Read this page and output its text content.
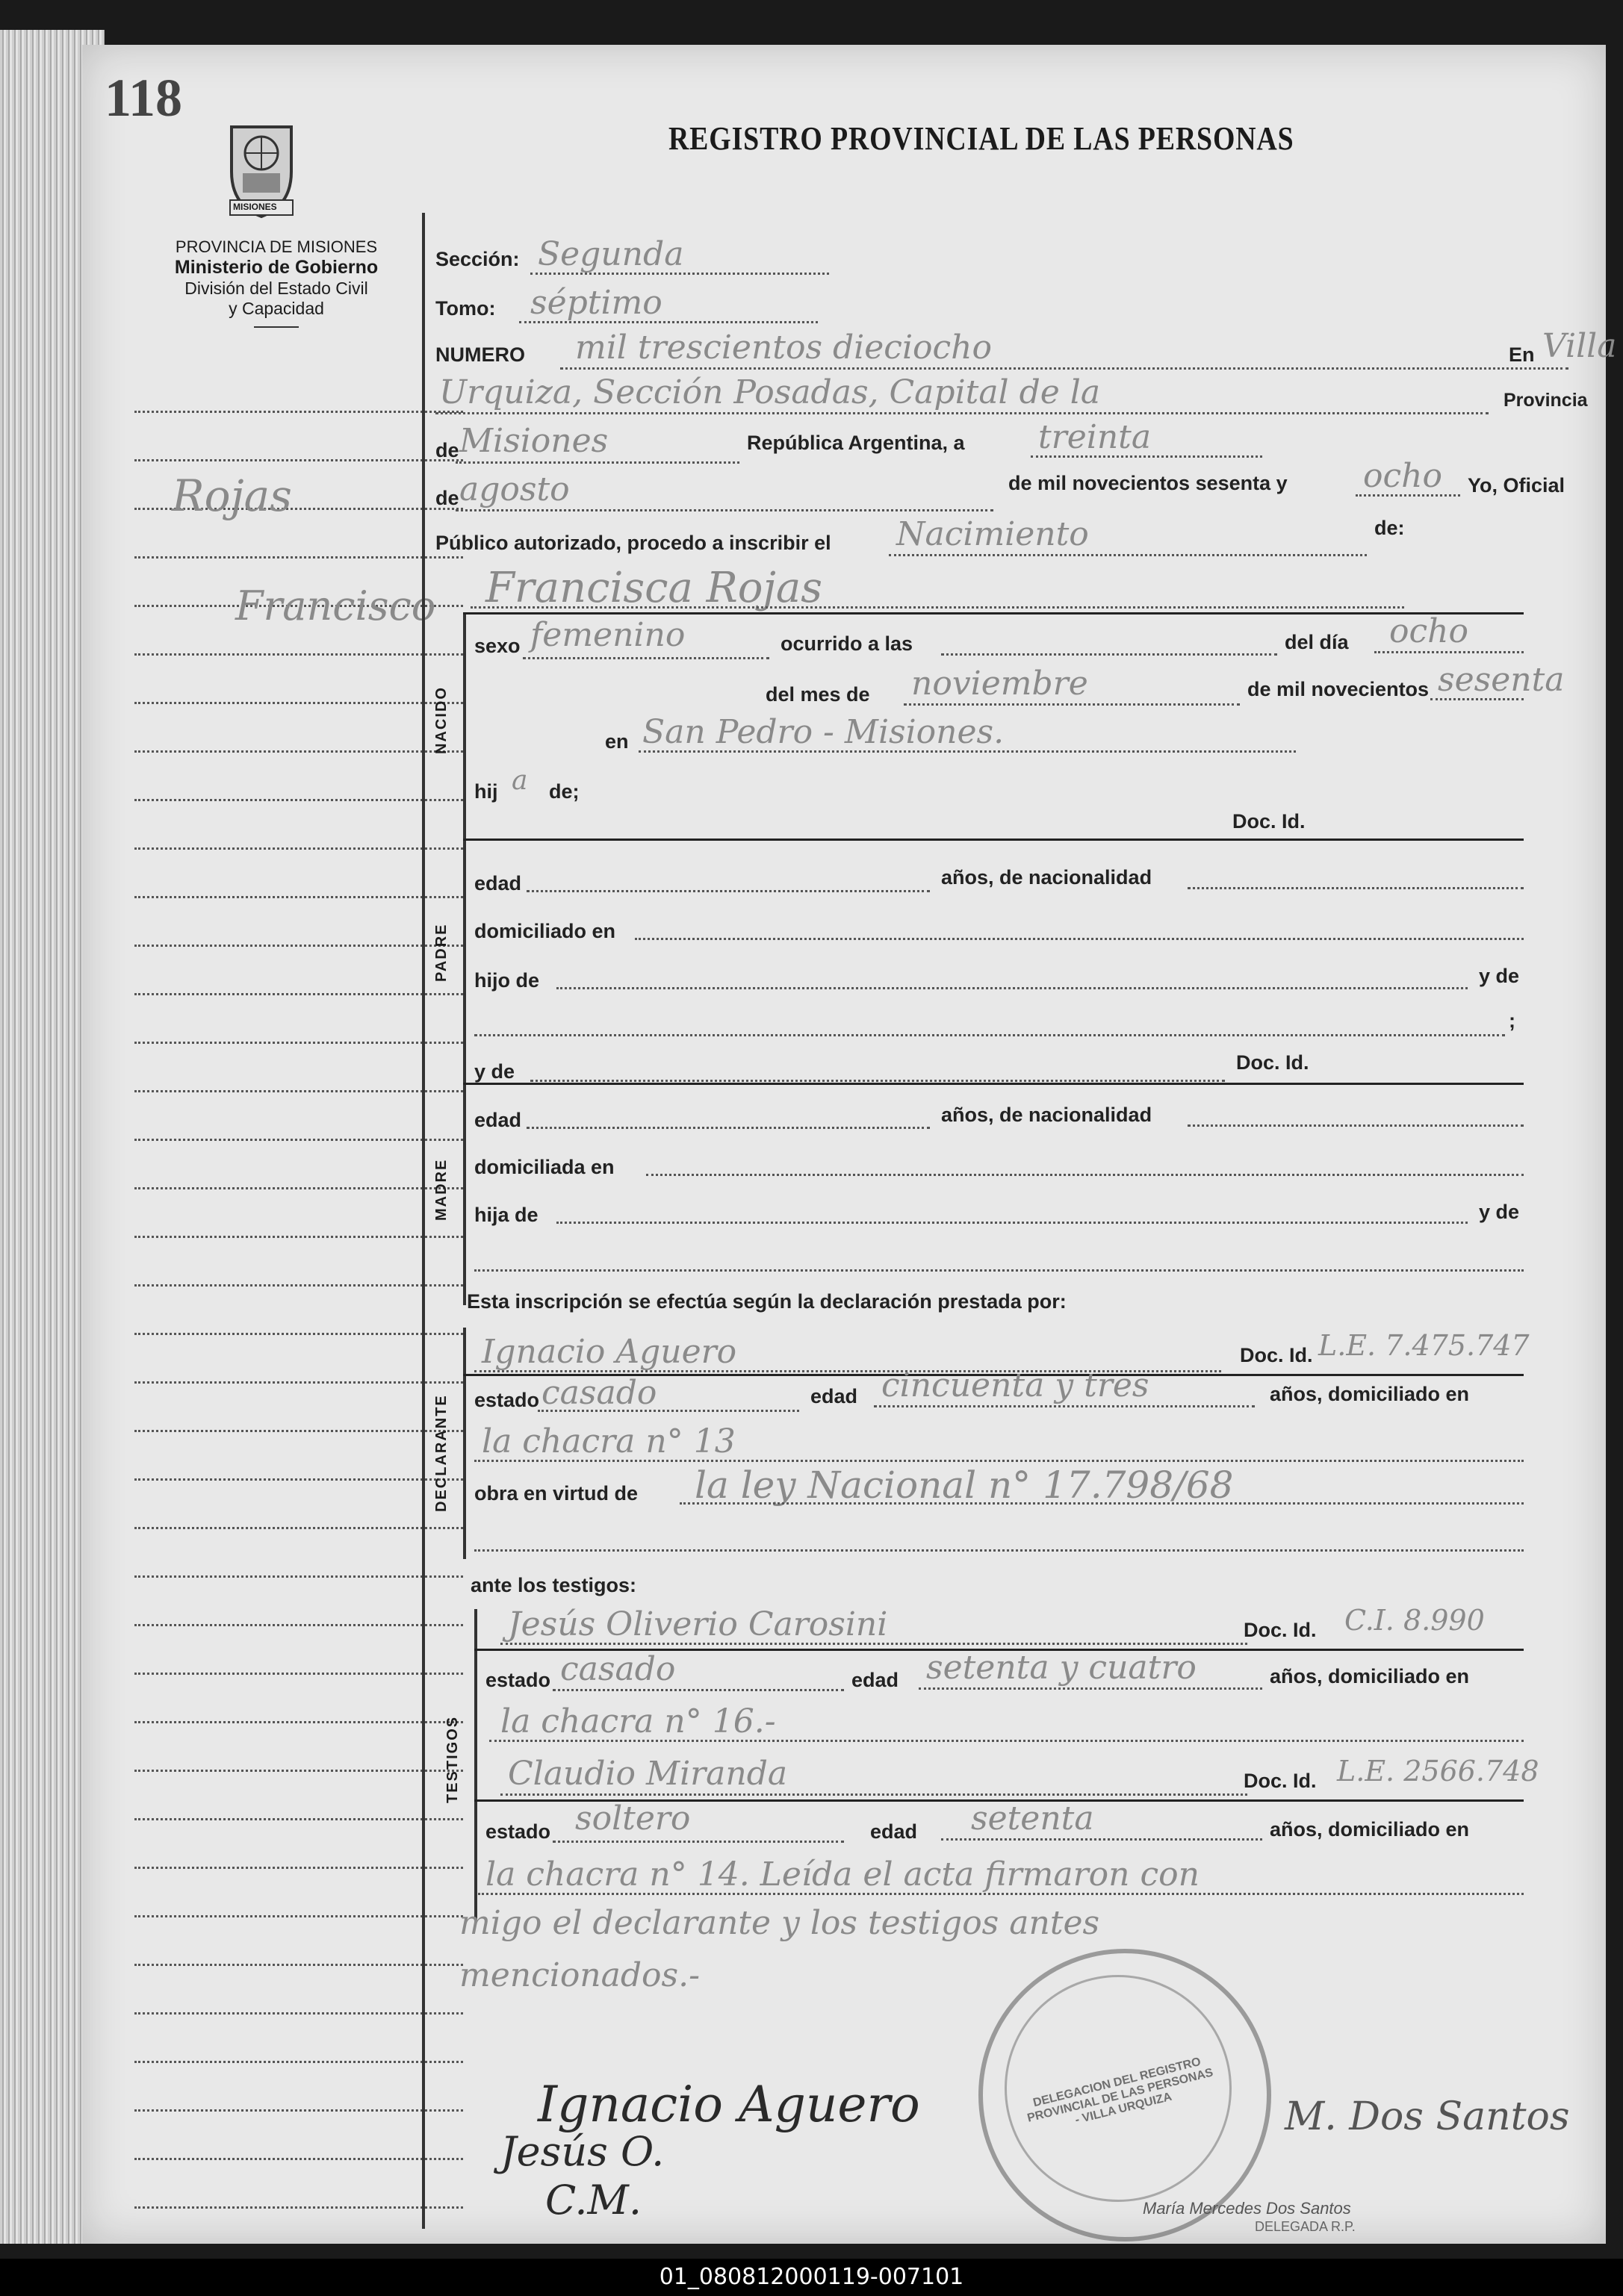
118
MISIONES
PROVINCIA DE MISIONES
Ministerio de Gobierno
División del Estado Civil
y Capacidad
REGISTRO PROVINCIAL DE LAS PERSONAS
Rojas
Francisco
Sección: Segunda
Tomo: séptimo
NUMERO mil trescientos dieciocho	En Villa
Urquiza, Sección Posadas, Capital de la	Provincia
de Misiones	República Argentina, a treinta
de agosto	de mil novecientos sesenta y ocho Yo, Oficial
Público autorizado, procedo a inscribir el Nacimiento	de:
Francisca Rojas
NACIDO
sexo femenino	ocurrido a las	del día ocho
del mes de noviembre	de mil novecientos sesenta
en San Pedro - Misiones.
hij a de;
Doc. Id.
PADRE
edad	años, de nacionalidad
domiciliado en
hijo de	y de
;
MADRE
y de	Doc. Id.
edad	años, de nacionalidad
domiciliada en
hija de	y de
Esta inscripción se efectúa según la declaración prestada por:
DECLARANTE
Ignacio Aguero	Doc. Id. L.E. 7.475.747
estado casado	edad cincuenta y tres	años, domiciliado en
la chacra n° 13
obra en virtud de la ley Nacional n° 17.798/68
ante los testigos:
TESTIGOS
Jesús Oliverio Carosini	Doc. Id. C.I. 8.990
estado casado	edad setenta y cuatro	años, domiciliado en
la chacra n° 16.-
Claudio Miranda	Doc. Id. L.E. 2566.748
estado soltero	edad setenta	años, domiciliado en
la chacra n° 14. Leída el acta firmaron con
migo el declarante y los testigos antes
mencionados.-
DELEGACION DEL REGISTRO PROVINCIAL DE LAS PERSONAS - VILLA URQUIZA
Ignacio Aguero
Jesús O.
C.M.
M. Dos Santos
María Mercedes Dos Santos
DELEGADA R.P.
01_080812000119-007101
